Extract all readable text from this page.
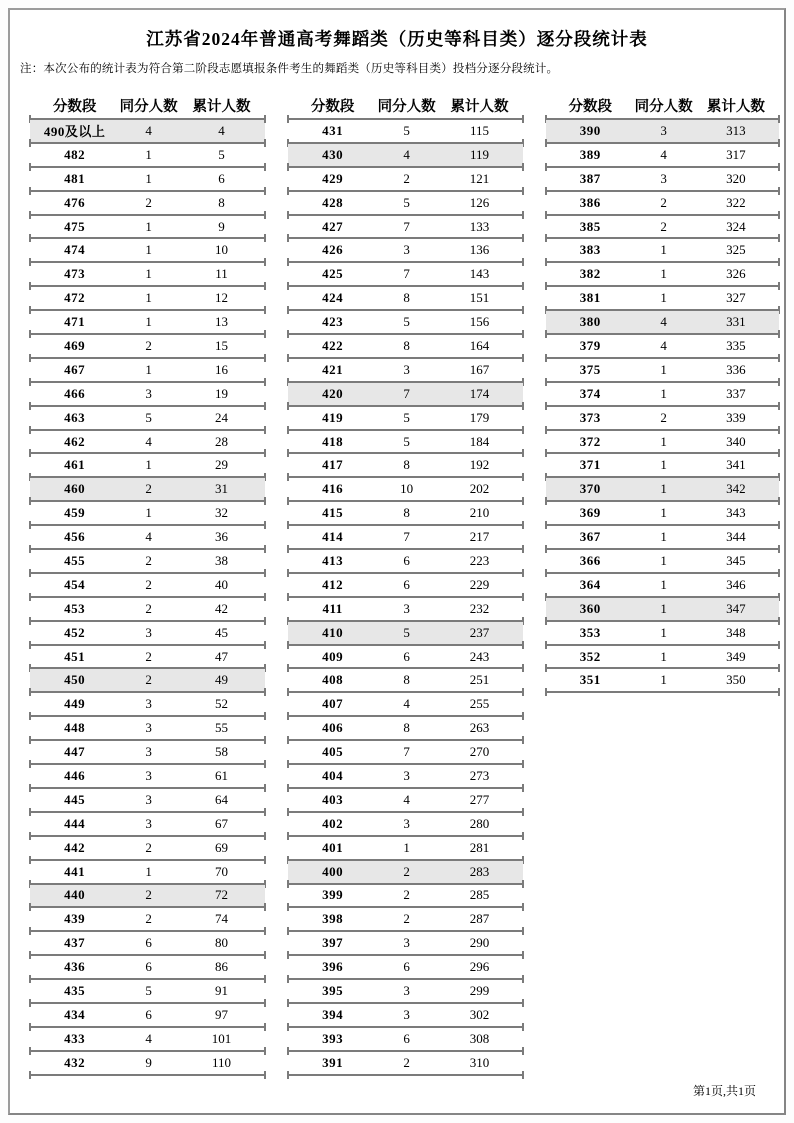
江苏省2024年普通高考舞蹈类（历史等科目类）逐分段统计表
注：本次公布的统计表为符合第二阶段志愿填报条件考生的舞蹈类（历史等科目类）投档分逐分段统计。
分数段	同分人数	累计人数
490及以上	4	4
482	1	5
481	1	6
476	2	8
475	1	9
474	1	10
473	1	11
472	1	12
471	1	13
469	2	15
467	1	16
466	3	19
463	5	24
462	4	28
461	1	29
460	2	31
459	1	32
456	4	36
455	2	38
454	2	40
453	2	42
452	3	45
451	2	47
450	2	49
449	3	52
448	3	55
447	3	58
446	3	61
445	3	64
444	3	67
442	2	69
441	1	70
440	2	72
439	2	74
437	6	80
436	6	86
435	5	91
434	6	97
433	4	101
432	9	110
分数段	同分人数	累计人数
431	5	115
430	4	119
429	2	121
428	5	126
427	7	133
426	3	136
425	7	143
424	8	151
423	5	156
422	8	164
421	3	167
420	7	174
419	5	179
418	5	184
417	8	192
416	10	202
415	8	210
414	7	217
413	6	223
412	6	229
411	3	232
410	5	237
409	6	243
408	8	251
407	4	255
406	8	263
405	7	270
404	3	273
403	4	277
402	3	280
401	1	281
400	2	283
399	2	285
398	2	287
397	3	290
396	6	296
395	3	299
394	3	302
393	6	308
391	2	310
分数段	同分人数 累计人数
390	3	313
389	4	317
387	3	320
386	2	322
385	2	324
383	1	325
382	1	326
381	1	327
380	4	331
379	4	335
375	1	336
374	1	337
373	2	339
372	1	340
371	1	341
370	1	342
369	1	343
367	1	344
366	1	345
364	1	346
360	1	347
353	1	348
352	1	349
351	1	350
第1页,共1页
